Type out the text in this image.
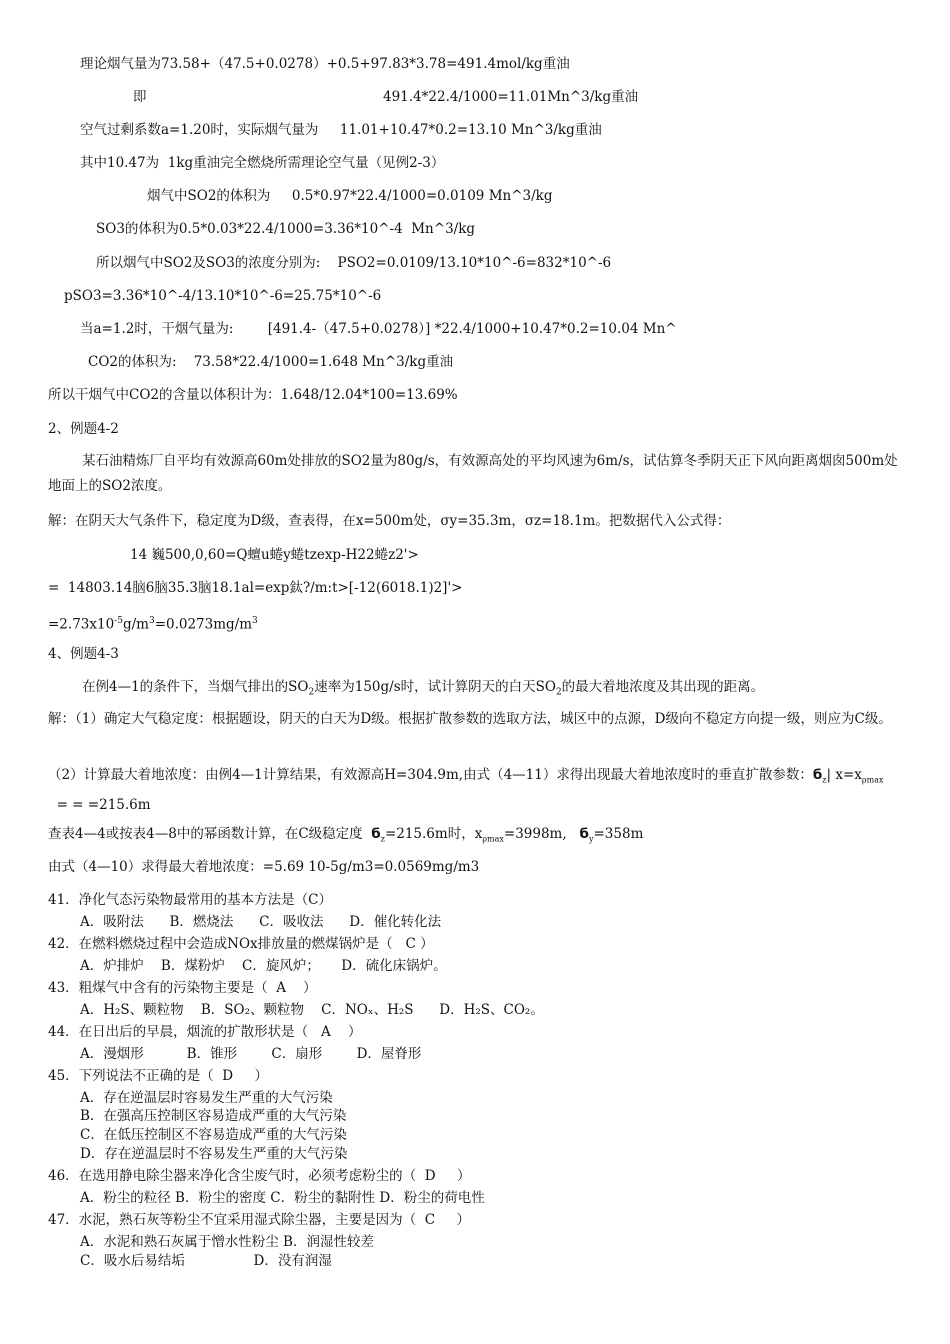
理论烟气量为73.58+（47.5+0.0278）+0.5+97.83*3.78=491.4mol/kg重油
即	491.4*22.4/1000=11.01Mn^3/kg重油
空气过剩系数a=1.20时，实际烟气量为     11.01+10.47*0.2=13.10 Mn^3/kg重油
其中10.47为  1kg重油完全燃烧所需理论空气量（见例2-3）
烟气中SO2的体积为     0.5*0.97*22.4/1000=0.0109 Mn^3/kg
SO3的体积为0.5*0.03*22.4/1000=3.36*10^-4  Mn^3/kg
所以烟气中SO2及SO3的浓度分别为:    PSO2=0.0109/13.10*10^-6=832*10^-6
pSO3=3.36*10^-4/13.10*10^-6=25.75*10^-6
当a=1.2时，干烟气量为:        [491.4-（47.5+0.0278）] *22.4/1000+10.47*0.2=10.04 Mn^
CO2的体积为:    73.58*22.4/1000=1.648 Mn^3/kg重油
所以干烟气中CO2的含量以体积计为：1.648/12.04*100=13.69%
2、例题4-2
某石油精炼厂自平均有效源高60m处排放的SO2量为80g/s，有效源高处的平均风速为6m/s，试估算冬季阴天正下风向距离烟囱500m处地面上的SO2浓度。
解：在阴天大气条件下，稳定度为D级，查表得，在x=500m处，σy=35.3m，σz=18.1m。把数据代入公式得：
14 巍500,0,60=Q蟺u蜷y蜷tzexp-H22蜷z2'>
=  14803.14脑6脑35.3脑18.1al=exp鈦?/m:t>[-12(6018.1)2]'>
$=2.73x10^{-5}g/m^3=0.0273mg/m^3$
4、例题4-3
在例4—1的条件下，当烟气排出的$SO_2$速率为150g/s时，试计算阴天的白天$SO_2$的最大着地浓度及其出现的距离。
解：（1）确定大气稳定度：根据题设，阴天的白天为D级。根据扩散参数的选取方法，城区中的点源，D级向不稳定方向提一级，则应为C级。
（2）计算最大着地浓度：由例4—1计算结果，有效源高H=304.9m,由式（4—11）求得出现最大着地浓度时的垂直扩散参数：$б_z|$ $x=x_{\rho max}$  = = =215.6m
查表4—4或按表4—8中的幂函数计算，在C级稳定度  $б_z=215.6m$时，$x_{\rho max}=3998m$,   $б_y=358m$
由式（4—10）求得最大着地浓度：=5.69 10-5g/m3=0.0569mg/m3
41．净化气态污染物最常用的基本方法是（C）
A．吸附法      B．燃烧法      C．吸收法      D．催化转化法
42．在燃料燃烧过程中会造成NOx排放量的燃煤锅炉是（   C ）
A．炉排炉    B．煤粉炉    C．旋风炉；     D．硫化床锅炉。
43．粗煤气中含有的污染物主要是（  A    ）
A．H₂S、颗粒物    B．SO₂、颗粒物    C．NOₓ、H₂S      D．H₂S、CO₂。
44．在日出后的早晨，烟流的扩散形状是（   A    ）
A．漫烟形          B．锥形        C．扇形        D．屋脊形
45．下列说法不正确的是（  D     ）
A．存在逆温层时容易发生严重的大气污染
B．在强高压控制区容易造成严重的大气污染
C．在低压控制区不容易造成严重的大气污染
D．存在逆温层时不容易发生严重的大气污染
46．在选用静电除尘器来净化含尘废气时，必须考虑粉尘的（  D     ）
A．粉尘的粒径 B．粉尘的密度 C．粉尘的黏附性 D．粉尘的荷电性
47．水泥，熟石灰等粉尘不宜采用湿式除尘器，主要是因为（  C     ）
A．水泥和熟石灰属于憎水性粉尘 B．润湿性较差
C．吸水后易结垢                D．没有润湿
